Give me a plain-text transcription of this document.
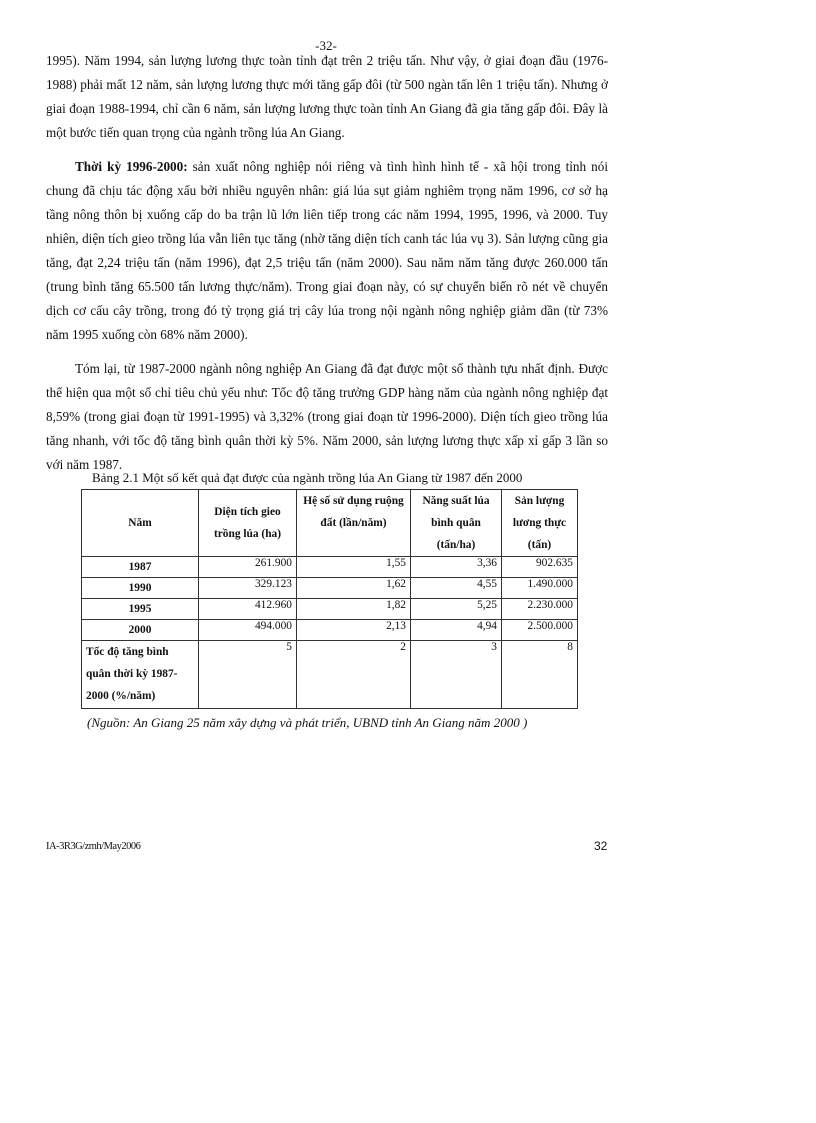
-32-

1995). Năm 1994, sản lượng lương thực toàn tỉnh đạt trên 2 triệu tấn. Như vậy, ở giai đoạn đầu (1976-1988) phải mất 12 năm, sản lượng lương thực mới tăng gấp đôi (từ 500 ngàn tấn lên 1 triệu tấn). Nhưng ở giai đoạn 1988-1994, chỉ cần 6 năm, sản lượng lương thực toàn tỉnh An Giang đã gia tăng gấp đôi. Đây là một bước tiến quan trọng của ngành trồng lúa An Giang.

Thời kỳ 1996-2000: sản xuất nông nghiệp nói riêng và tình hình hình tế - xã hội trong tỉnh nói chung đã chịu tác động xấu bởi nhiều nguyên nhân: giá lúa sụt giảm nghiêm trọng năm 1996, cơ sở hạ tầng nông thôn bị xuống cấp do ba trận lũ lớn liên tiếp trong các năm 1994, 1995, 1996, và 2000. Tuy nhiên, diện tích gieo trồng lúa vẫn liên tục tăng (nhờ tăng diện tích canh tác lúa vụ 3). Sản lượng cũng gia tăng, đạt 2,24 triệu tấn (năm 1996), đạt 2,5 triệu tấn (năm 2000). Sau năm năm tăng được 260.000 tấn (trung bình tăng 65.500 tấn lương thực/năm). Trong giai đoạn này, có sự chuyển biến rõ nét về chuyển dịch cơ cấu cây trồng, trong đó tỷ trọng giá trị cây lúa trong nội ngành nông nghiệp giảm dần (từ 73% năm 1995 xuống còn 68% năm 2000).

Tóm lại, từ 1987-2000 ngành nông nghiệp An Giang đã đạt được một số thành tựu nhất định. Được thể hiện qua một số chỉ tiêu chủ yếu như: Tốc độ tăng trưởng GDP hàng năm của ngành nông nghiệp đạt 8,59% (trong giai đoạn từ 1991-1995) và 3,32% (trong giai đoạn từ 1996-2000). Diện tích gieo trồng lúa tăng nhanh, với tốc độ tăng bình quân thời kỳ 5%. Năm 2000, sản lượng lương thực xấp xỉ gấp 3 lần so với năm 1987.

Bảng 2.1 Một số kết quả đạt được của ngành trồng lúa An Giang từ 1987 đến 2000
Năm	Diện tích gieo trồng lúa (ha)	Hệ số sử dụng ruộng đất (lần/năm)	Năng suất lúa bình quân (tấn/ha)	Sản lượng lương thực (tấn)
1987	261.900	1,55	3,36	902.635
1990	329.123	1,62	4,55	1.490.000
1995	412.960	1,82	5,25	2.230.000
2000	494.000	2,13	4,94	2.500.000
Tốc độ tăng bình quân thời kỳ 1987-2000 (%/năm)	5	2	3	8
(Nguồn: An Giang 25 năm xây dựng và phát triển, UBND tỉnh An Giang năm 2000 )
IA-3R3G/zmh/May2006	32
